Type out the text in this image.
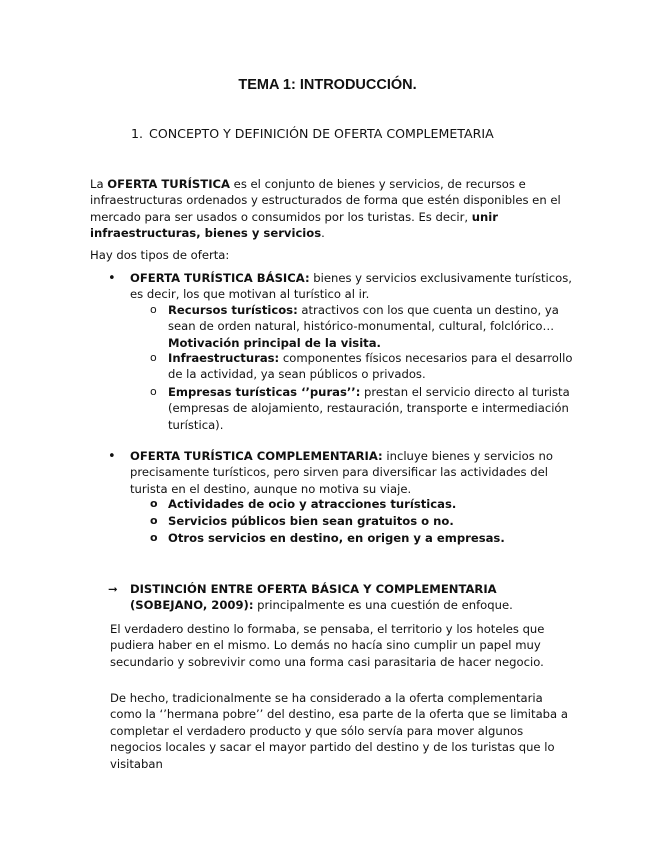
TEMA 1: INTRODUCCIÓN.
1. CONCEPTO Y DEFINICIÓN DE OFERTA COMPLEMETARIA

La OFERTA TURÍSTICA es el conjunto de bienes y servicios, de recursos e infraestructuras ordenados y estructurados de forma que estén disponibles en el mercado para ser usados o consumidos por los turistas. Es decir, unir infraestructuras, bienes y servicios.

Hay dos tipos de oferta:

•

OFERTA TURÍSTICA BÁSICA: bienes y servicios exclusivamente turísticos, es decir, los que motivan al turístico al ir.

o Recursos turísticos: atractivos con los que cuenta un destino, ya sean de orden natural, histórico-monumental, cultural, folclórico… Motivación principal de la visita.

o Infraestructuras: componentes físicos necesarios para el desarrollo de la actividad, ya sean públicos o privados.

o Empresas turísticas ‘’puras’’: prestan el servicio directo al turista (empresas de alojamiento, restauración, transporte e intermediación turística).

•

OFERTA TURÍSTICA COMPLEMENTARIA: incluye bienes y servicios no precisamente turísticos, pero sirven para diversificar las actividades del turista en el destino, aunque no motiva su viaje.

o Actividades de ocio y atracciones turísticas.
o Servicios públicos bien sean gratuitos o no.
o Otros servicios en destino, en origen y a empresas.
➞	DISTINCIÓN ENTRE OFERTA BÁSICA Y COMPLEMENTARIA (SOBEJANO, 2009): principalmente es una cuestión de enfoque.

El verdadero destino lo formaba, se pensaba, el territorio y los hoteles que pudiera haber en el mismo. Lo demás no hacía sino cumplir un papel muy secundario y sobrevivir como una forma casi parasitaria de hacer negocio.

De hecho, tradicionalmente se ha considerado a la oferta complementaria como la ‘’hermana pobre’’ del destino, esa parte de la oferta que se limitaba a completar el verdadero producto y que sólo servía para mover algunos negocios locales y sacar el mayor partido del destino y de los turistas que lo visitaban
